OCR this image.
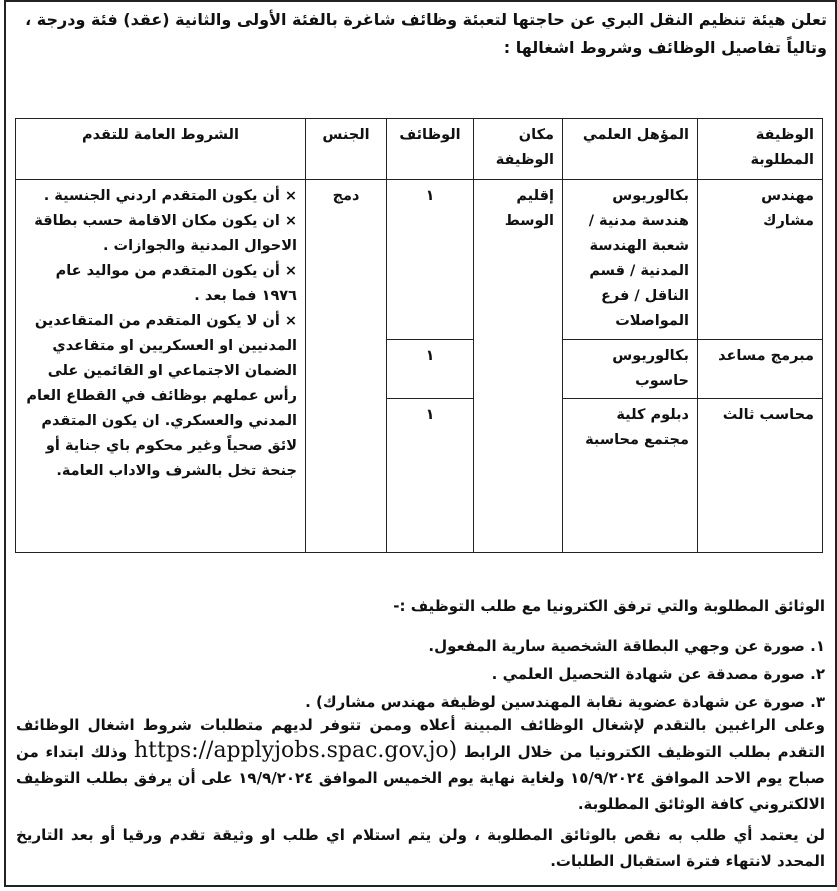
تعلن هيئة تنظيم النقل البري عن حاجتها لتعبئة وظائف شاغرة بالفئة الأولى والثانية (عقد) فئة ودرجة ،
وتالياً تفاصيل الوظائف وشروط اشغالها :
الوظيفة المطلوبة	المؤهل العلمي	مكان الوظيفة	الوظائف	الجنس	الشروط العامة للتقدم
مهندس مشارك	بكالوريوس هندسة مدنية / شعبة الهندسة المدنية / قسم الناقل / فرع المواصلات	إقليم الوسط	١	دمج	× أن يكون المتقدم اردني الجنسية .
× ان يكون مكان الاقامة حسب بطاقة الاحوال المدنية والجوازات .
× أن يكون المتقدم من مواليد عام ١٩٧٦ فما بعد .
× أن لا يكون المتقدم من المتقاعدين المدنيين او العسكريين او متقاعدي الضمان الاجتماعي او القائمين على رأس عملهم بوظائف في القطاع العام المدني والعسكري. ان يكون المتقدم لائق صحياً وغير محكوم باي جناية أو جنحة تخل بالشرف والاداب العامة.

مبرمج مساعد	بكالوريوس حاسوب		١		
محاسب ثالث	دبلوم كلية مجتمع محاسبة		١		
الوثائق المطلوبة والتي ترفق الكترونيا مع طلب التوظيف :-
١. صورة عن وجهي البطاقة الشخصية سارية المفعول.
٢. صورة مصدقة عن شهادة التحصيل العلمي .
٣. صورة عن شهادة عضوية نقابة المهندسين لوظيفة مهندس مشارك) .
وعلى الراغبين بالتقدم لإشغال الوظائف المبينة أعلاه وممن تتوفر لديهم متطلبات شروط اشغال الوظائف التقدم بطلب التوظيف الكترونيا من خلال الرابط https://applyjobs.spac.gov.jo) وذلك ابتداء من صباح يوم الاحد الموافق ١٥/٩/٢٠٢٤ ولغاية نهاية يوم الخميس الموافق ١٩/٩/٢٠٢٤ على أن يرفق بطلب التوظيف الالكتروني كافة الوثائق المطلوبة.
لن يعتمد أي طلب به نقص بالوثائق المطلوبة ، ولن يتم استلام اي طلب او وثيقة تقدم ورقيا أو بعد التاريخ المحدد لانتهاء فترة استقبال الطلبات.
